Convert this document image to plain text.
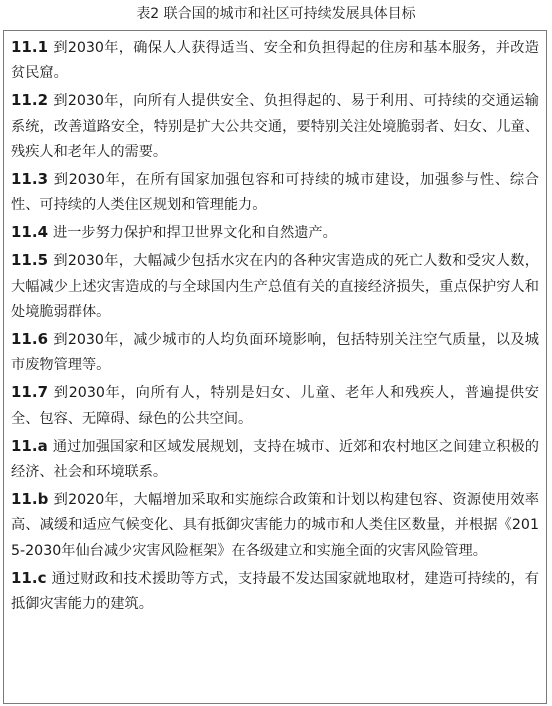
表2 联合国的城市和社区可持续发展具体目标

11.1 到2030年，确保人人获得适当、安全和负担得起的住房和基本服务，并改造贫民窟。

11.2 到2030年，向所有人提供安全、负担得起的、易于利用、可持续的交通运输系统，改善道路安全，特别是扩大公共交通，要特别关注处境脆弱者、妇女、儿童、残疾人和老年人的需要。

11.3 到2030年，在所有国家加强包容和可持续的城市建设，加强参与性、综合性、可持续的人类住区规划和管理能力。

11.4 进一步努力保护和捍卫世界文化和自然遗产。

11.5 到2030年，大幅减少包括水灾在内的各种灾害造成的死亡人数和受灾人数，大幅减少上述灾害造成的与全球国内生产总值有关的直接经济损失，重点保护穷人和处境脆弱群体。

11.6 到2030年，减少城市的人均负面环境影响，包括特别关注空气质量，以及城市废物管理等。

11.7 到2030年，向所有人，特别是妇女、儿童、老年人和残疾人，普遍提供安全、包容、无障碍、绿色的公共空间。

11.a 通过加强国家和区域发展规划，支持在城市、近郊和农村地区之间建立积极的经济、社会和环境联系。

11.b 到2020年，大幅增加采取和实施综合政策和计划以构建包容、资源使用效率高、减缓和适应气候变化、具有抵御灾害能力的城市和人类住区数量，并根据《2015-2030年仙台减少灾害风险框架》在各级建立和实施全面的灾害风险管理。

11.c 通过财政和技术援助等方式，支持最不发达国家就地取材，建造可持续的，有抵御灾害能力的建筑。
